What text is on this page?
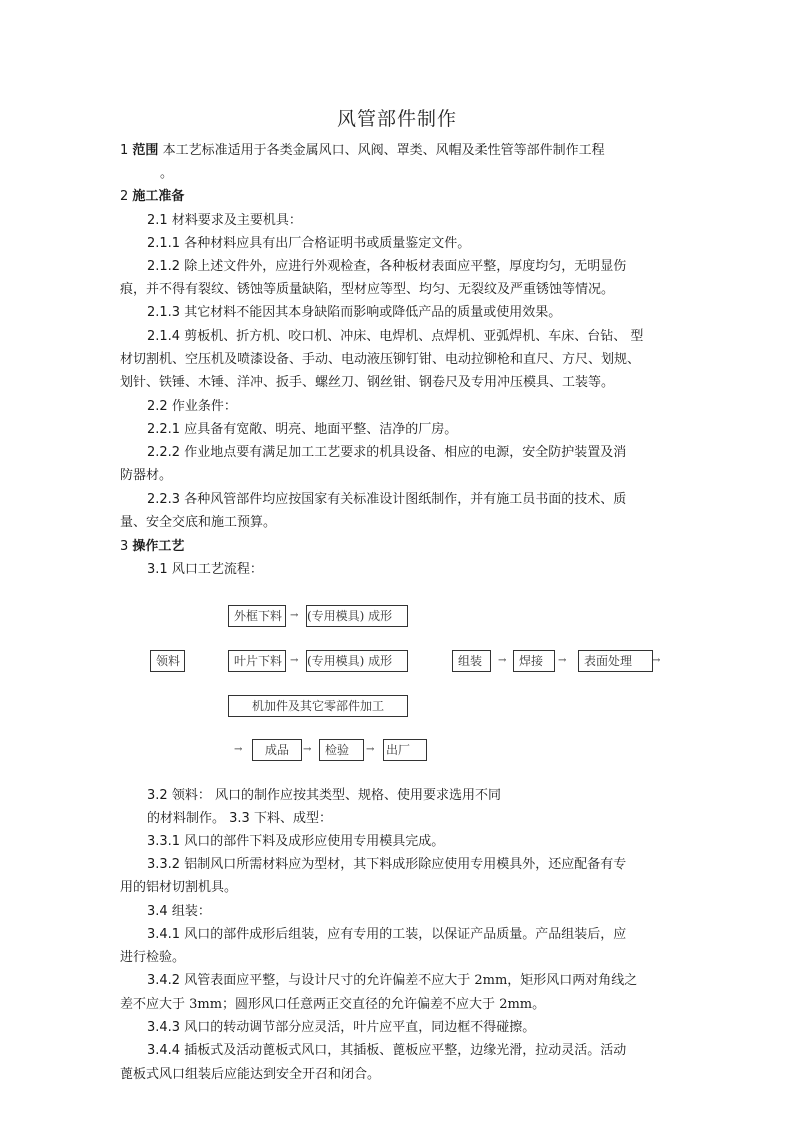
风管部件制作
1 范围 本工艺标准适用于各类金属风口、风阀、罩类、风帽及柔性管等部件制作工程
。
2 施工准备
2.1 材料要求及主要机具：
2.1.1 各种材料应具有出厂合格证明书或质量鉴定文件。
2.1.2 除上述文件外，应进行外观检查，各种板材表面应平整，厚度均匀，无明显伤
痕，并不得有裂纹、锈蚀等质量缺陷，型材应等型、均匀、无裂纹及严重锈蚀等情况。
2.1.3 其它材料不能因其本身缺陷而影响或降低产品的质量或使用效果。
2.1.4 剪板机、折方机、咬口机、冲床、电焊机、点焊机、亚弧焊机、车床、台钻、 型
材切割机、空压机及喷漆设备、手动、电动液压铆钉钳、电动拉铆枪和直尺、方尺、划规、
划针、铁锤、木锤、洋冲、扳手、螺丝刀、钢丝钳、钢卷尺及专用冲压模具、工装等。
2.2 作业条件：
2.2.1 应具备有宽敞、明亮、地面平整、洁净的厂房。
2.2.2 作业地点要有满足加工工艺要求的机具设备、相应的电源，安全防护装置及消
防器材。
2.2.3 各种风管部件均应按国家有关标准设计图纸制作，并有施工员书面的技术、质
量、安全交底和施工预算。
3 操作工艺
3.1 风口工艺流程：
外框下料 → (专用模具) 成形
领料	叶片下料 → (专用模具) 成形	组装	→	焊接	→	表面处理	→
机加件及其它零部件加工
→	成品	→	检验	→ 出厂
3.2 领料： 风口的制作应按其类型、规格、使用要求选用不同
的材料制作。 3.3 下料、成型：
3.3.1 风口的部件下料及成形应使用专用模具完成。
3.3.2 铝制风口所需材料应为型材，其下料成形除应使用专用模具外，还应配备有专
用的铝材切割机具。
3.4 组装：
3.4.1 风口的部件成形后组装，应有专用的工装，以保证产品质量。产品组装后，应
进行检验。
3.4.2 风管表面应平整，与设计尺寸的允许偏差不应大于 2mm，矩形风口两对角线之
差不应大于 3mm；圆形风口任意两正交直径的允许偏差不应大于 2mm。
3.4.3 风口的转动调节部分应灵活，叶片应平直，同边框不得碰擦。
3.4.4 插板式及活动蓖板式风口，其插板、蓖板应平整，边缘光滑，拉动灵活。活动
蓖板式风口组装后应能达到安全开召和闭合。
